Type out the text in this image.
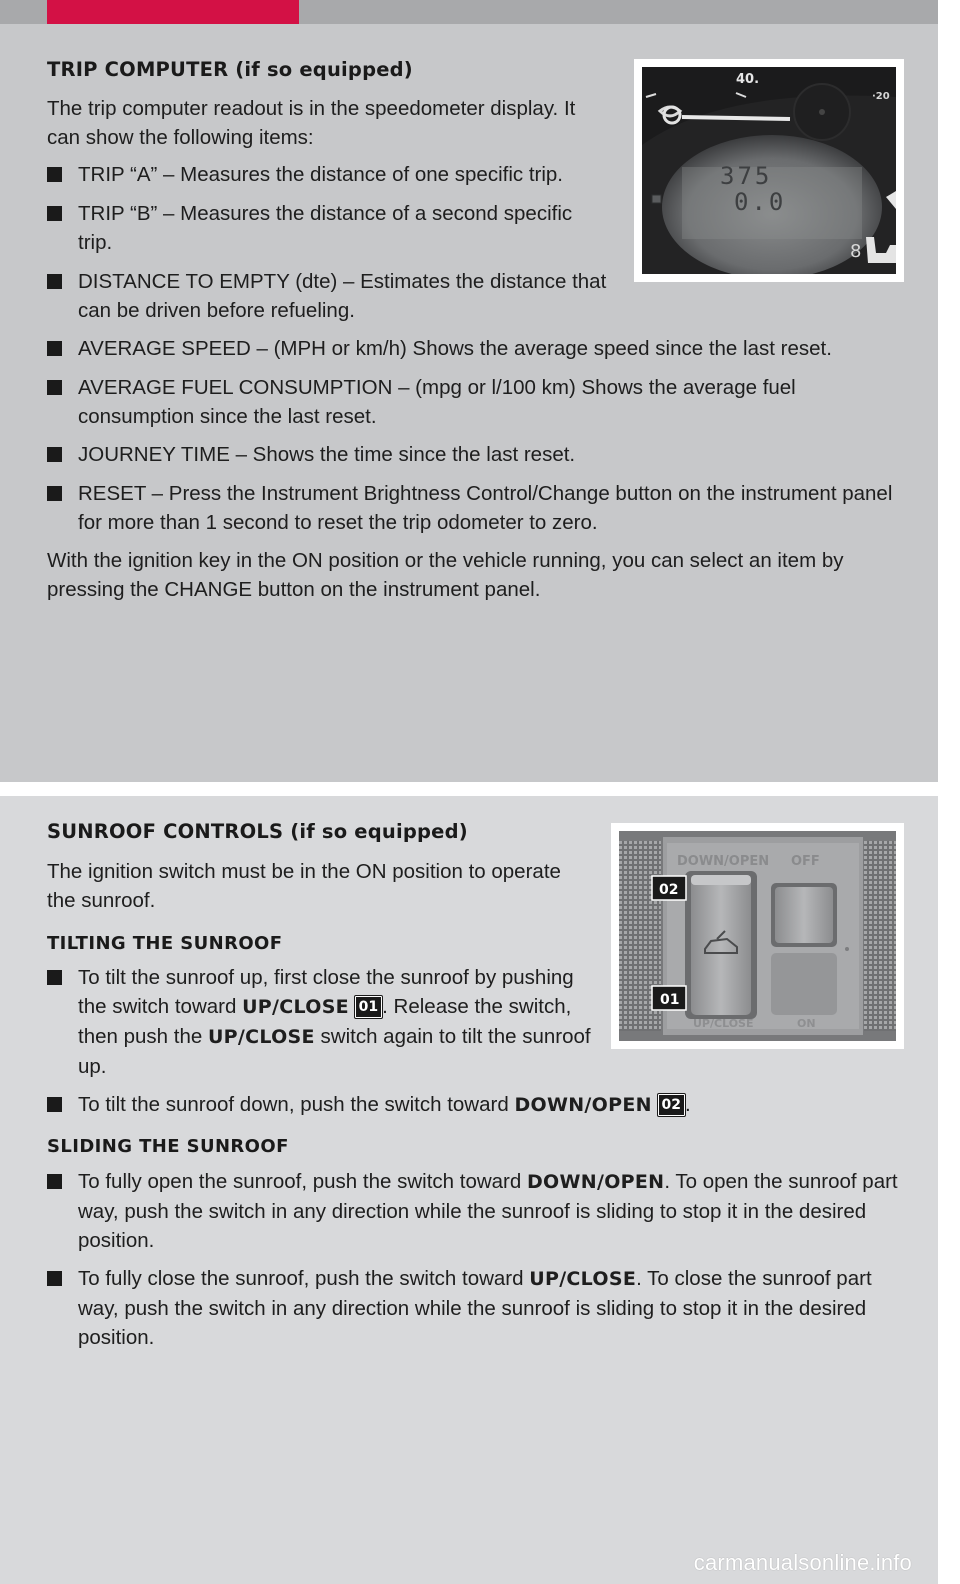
TRIP COMPUTER (if so equipped)

The trip computer readout is in the speedometer display. It can show the following items:

TRIP “A” – Measures the distance of one specific trip.

TRIP “B” – Measures the distance of a second specific trip.

DISTANCE TO EMPTY (dte) – Estimates the distance that can be driven before refueling.

AVERAGE SPEED – (MPH or km/h) Shows the average speed since the last reset.

AVERAGE FUEL CONSUMPTION – (mpg or l/100 km) Shows the average fuel consumption since the last reset.

JOURNEY TIME – Shows the time since the last reset.

RESET – Press the Instrument Brightness Control/Change button on the instrument panel for more than 1 second to reset the trip odometer to zero.

With the ignition key in the ON position or the vehicle running, you can select an item by pressing the CHANGE button on the instrument panel.

40.
·20
375
0.0
8
SUNROOF CONTROLS (if so equipped)

The ignition switch must be in the ON position to operate the sunroof.

TILTING THE SUNROOF

To tilt the sunroof up, first close the sunroof by pushing the switch toward UP/CLOSE 01 . Release the switch, then push the UP/CLOSE switch again to tilt the sunroof up.

To tilt the sunroof down, push the switch toward DOWN/OPEN 02 .

SLIDING THE SUNROOF

To fully open the sunroof, push the switch toward DOWN/OPEN. To open the sunroof part way, push the switch in any direction while the sunroof is sliding to stop it in the desired position.

To fully close the sunroof, push the switch toward UP/CLOSE. To close the sunroof part way, push the switch in any direction while the sunroof is sliding to stop it in the desired position.

DOWN/OPEN OFF
UP/CLOSE	ON
02
01
carmanualsonline.info
